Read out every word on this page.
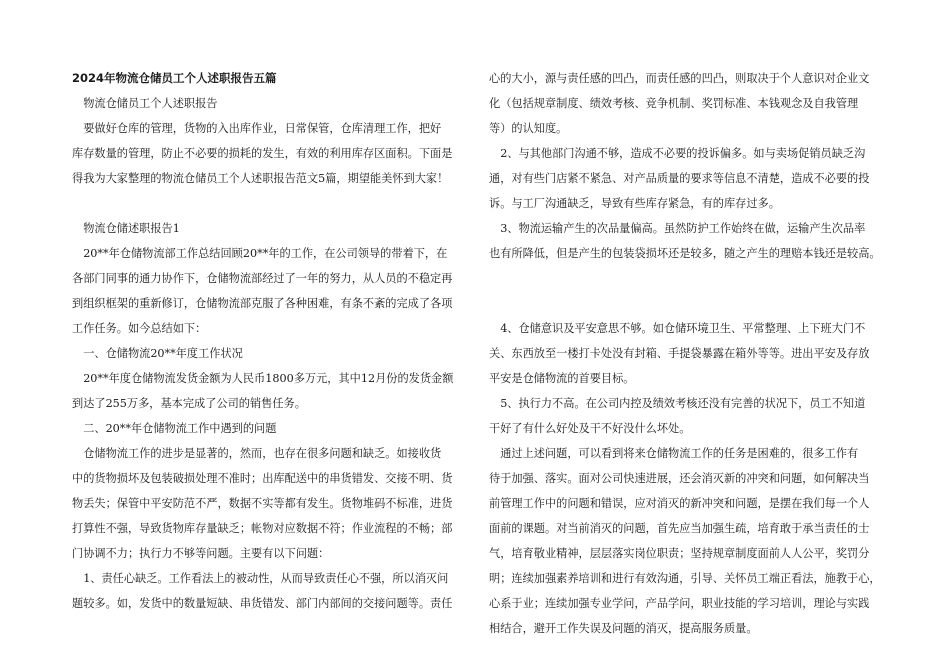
2024年物流仓储员工个人述职报告五篇
　物流仓储员工个人述职报告
　要做好仓库的管理，货物的入出库作业，日常保管，仓库清理工作，把好
库存数量的管理，防止不必要的损耗的发生，有效的利用库存区面积。下面是
得我为大家整理的物流仓储员工个人述职报告范文5篇，期望能美怀到大家！
　物流仓储述职报告1
　20**年仓储物流部工作总结回顾20**年的工作，在公司领导的带着下，在
各部门同事的通力协作下，仓储物流部经过了一年的努力，从人员的不稳定再
到组织框架的重新修订，仓储物流部克服了各种困难，有条不紊的完成了各项
工作任务。如今总结如下：
　一、仓储物流20**年度工作状况
　20**年度仓储物流发货金额为人民币1800多万元，其中12月份的发货金额
到达了255万多，基本完成了公司的销售任务。
　二、20**年仓储物流工作中遇到的问题
　仓储物流工作的进步是显著的，然而，也存在很多问题和缺乏。如接收货
中的货物损坏及包装破损处理不准时；出库配送中的串货错发、交接不明、货
物丢失；保管中平安防范不严，数据不实等都有发生。货物堆码不标准，进货
打算性不强，导致货物库存量缺乏；帐物对应数据不符；作业流程的不畅；部
门协调不力；执行力不够等问题。主要有以下问题：
　1、责任心缺乏。工作看法上的被动性，从而导致责任心不强，所以消灭问
题较多。如，发货中的数量短缺、串货错发、部门内部间的交接问题等。责任
心的大小，源与责任感的凹凸，而责任感的凹凸，则取决于个人意识对企业文
化（包括规章制度、绩效考核、竞争机制、奖罚标准、本钱观念及自我管理
等）的认知度。
　2、与其他部门沟通不够，造成不必要的投诉偏多。如与卖场促销员缺乏沟
通，对有些门店紧不紧急、对产品质量的要求等信息不清楚，造成不必要的投
诉。与工厂沟通缺乏，导致有些库存紧急，有的库存过多。
　3、物流运输产生的次品量偏高。虽然防护工作始终在做，运输产生次品率
也有所降低，但是产生的包装袋损坏还是较多，随之产生的理赔本钱还是较高。
　4、仓储意识及平安意思不够。如仓储环境卫生、平常整理、上下班大门不
关、东西放至一楼打卡处没有封箱、手提袋暴露在箱外等等。进出平安及存放
平安是仓储物流的首要目标。
　5、执行力不高。在公司内控及绩效考核还没有完善的状况下，员工不知道
干好了有什么好处及干不好没什么坏处。
　通过上述问题，可以看到将来仓储物流工作的任务是困难的，很多工作有
待于加强、落实。面对公司快速进展，还会消灭新的冲突和问题，如何解决当
前管理工作中的问题和错误，应对消灭的新冲突和问题，是摆在我们每一个人
面前的课题。对当前消灭的问题，首先应当加强生疏，培育敢于承当责任的士
气，培育敬业精神，层层落实岗位职责；坚持规章制度面前人人公平，奖罚分
明；连续加强素养培训和进行有效沟通，引导、关怀员工端正看法，施教于心，
心系于业；连续加强专业学问，产品学问，职业技能的学习培训，理论与实践
相结合，避开工作失误及问题的消灭，提高服务质量。
